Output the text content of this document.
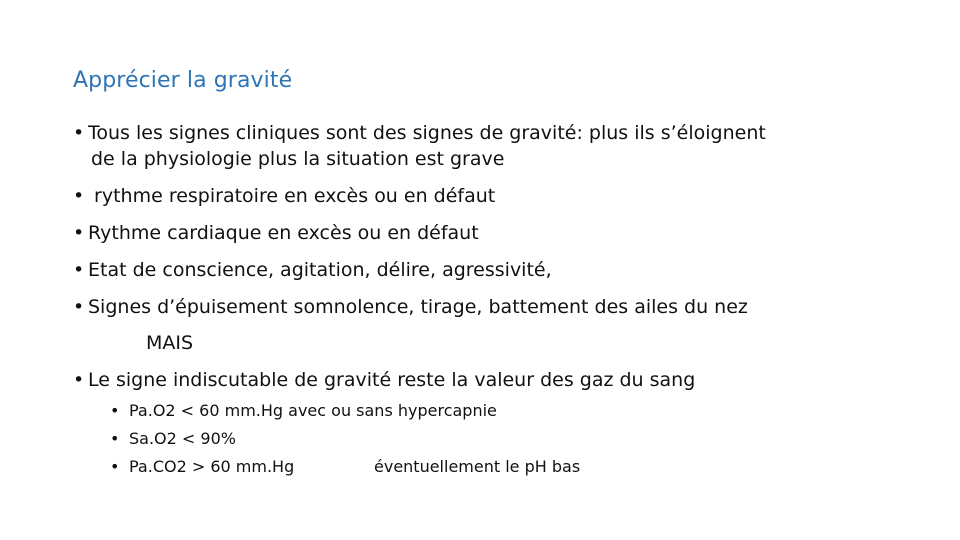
Apprécier la gravité
• Tous les signes cliniques sont des signes de gravité: plus ils s’éloignent
de la physiologie plus la situation est grave
• rythme respiratoire en excès ou en défaut
• Rythme cardiaque en excès ou en défaut
• Etat de conscience, agitation, délire, agressivité,
• Signes d’épuisement somnolence, tirage, battement des ailes du nez
MAIS
• Le signe indiscutable de gravité reste la valeur des gaz du sang
• Pa.O2 < 60 mm.Hg avec ou sans hypercapnie
• Sa.O2 < 90%
• Pa.CO2 > 60 mm.Hg	éventuellement le pH bas
